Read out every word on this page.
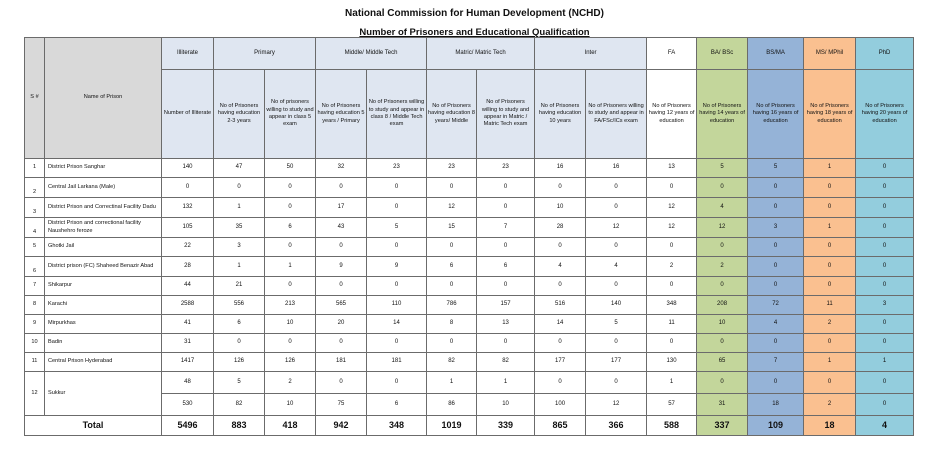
National Commission for Human Development (NCHD)
Number of Prisoners and Educational Qualification
S #	Name of Prison	Illiterate	Primary		Middle/ Middle Tech		Matric/ Matric Tech		Inter		FA	BA/ BSc	BS/MA	MS/ MPhil	PhD
		Number of Illiterate	No of Prisoners having education 2-3 years	No of prisoners willing to study and appear in class 5 exam	No of Prisoners having education 5 years / Primary	No of Prisoners willing to study and appear in class 8 / Middle Tech exam	No of Prisoners having education 8 years/ Middle	No of Prisoners willing to study and appear in Matric / Matric Tech exam	No of Prisoners having education 10 years	No of Prisoners willing to study and appear in FA/FSc/ICs exam	No of Prisoners having 12 years of education	No of Prisoners having 14 years of education	No of Prisoners having 16 years of education	No of Prisoners having 18 years of education	No of Prisoners having 20 years of education
1	District Prison Sanghar	140	47	50	32	23	23	23	16	16	13	5	5	1	0
2	Central Jail Larkana (Male)	0	0	0	0	0	0	0	0	0	0	0	0	0	0
3	District Prison and Correctinal Facility Dadu	132	1	0	17	0	12	0	10	0	12	4	0	0	0
4	District Prison and correctional facility Naushehro feroze	105	35	6	43	5	15	7	28	12	12	12	3	1	0
5	Ghotki Jail	22	3	0	0	0	0	0	0	0	0	0	0	0	0
6	District prison (FC) Shaheed Benazir Abad	28	1	1	9	9	6	6	4	4	2	2	0	0	0
7	Shikarpur	44	21	0	0	0	0	0	0	0	0	0	0	0	0
8	Karachi	2588	556	213	565	110	786	157	516	140	348	208	72	11	3
9	Mirpurkhas	41	6	10	20	14	8	13	14	5	11	10	4	2	0
10	Badin	31	0	0	0	0	0	0	0	0	0	0	0	0	0
11	Central Prison Hyderabad	1417	126	126	181	181	82	82	177	177	130	65	7	1	1
12	Sukkur	48	5	2	0	0	1	1	0	0	1	0	0	0	0
		530	82	10	75	6	86	10	100	12	57	31	18	2	0
Total		5496	883	418	942	348	1019	339	865	366	588	337	109	18	4
